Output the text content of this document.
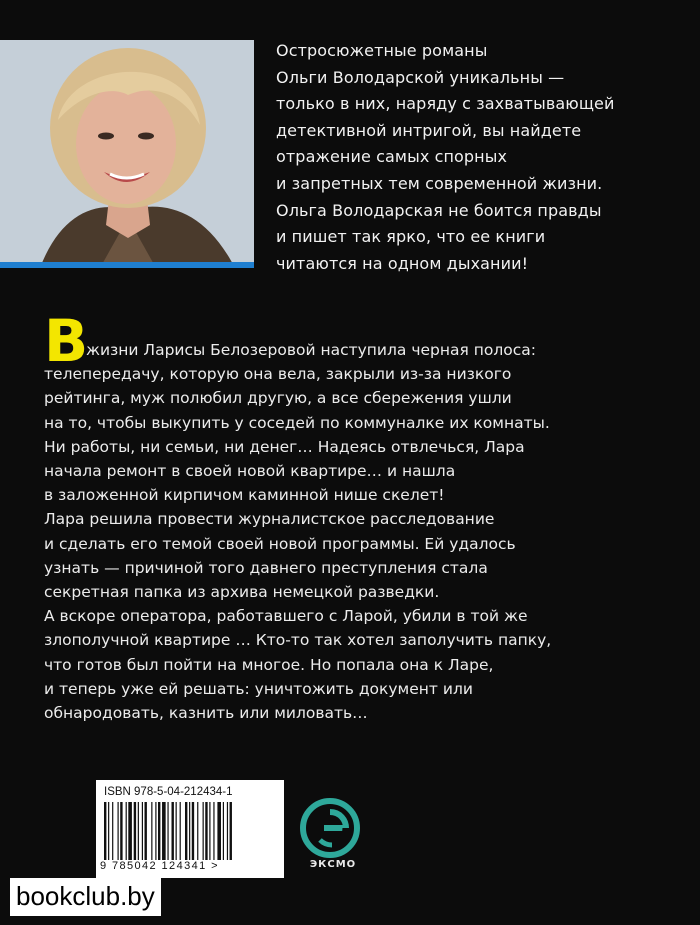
Остросюжетные романы
Ольги Володарской уникальны —
только в них, наряду с захватывающей
детективной интригой, вы найдете
отражение самых спорных
и запретных тем современной жизни.
Ольга Володарская не боится правды
и пишет так ярко, что ее книги
читаются на одном дыхании!
В
жизни Ларисы Белозеровой наступила черная полоса:
телепередачу, которую она вела, закрыли из-за низкого
рейтинга, муж полюбил другую, а все сбережения ушли
на то, чтобы выкупить у соседей по коммуналке их комнаты.
Ни работы, ни семьи, ни денег… Надеясь отвлечься, Лара
начала ремонт в своей новой квартире… и нашла
в заложенной кирпичом каминной нише скелет!
Лара решила провести журналистское расследование
и сделать его темой своей новой программы. Ей удалось
узнать — причиной того давнего преступления стала
секретная папка из архива немецкой разведки.
А вскоре оператора, работавшего с Ларой, убили в той же
злополучной квартире … Кто-то так хотел заполучить папку,
что готов был пойти на многое. Но попала она к Ларе,
и теперь уже ей решать: уничтожить документ или
обнародовать, казнить или миловать…
ISBN 978-5-04-212434-1
9 785042 124341 >	ЭКСМО
bookclub.by
